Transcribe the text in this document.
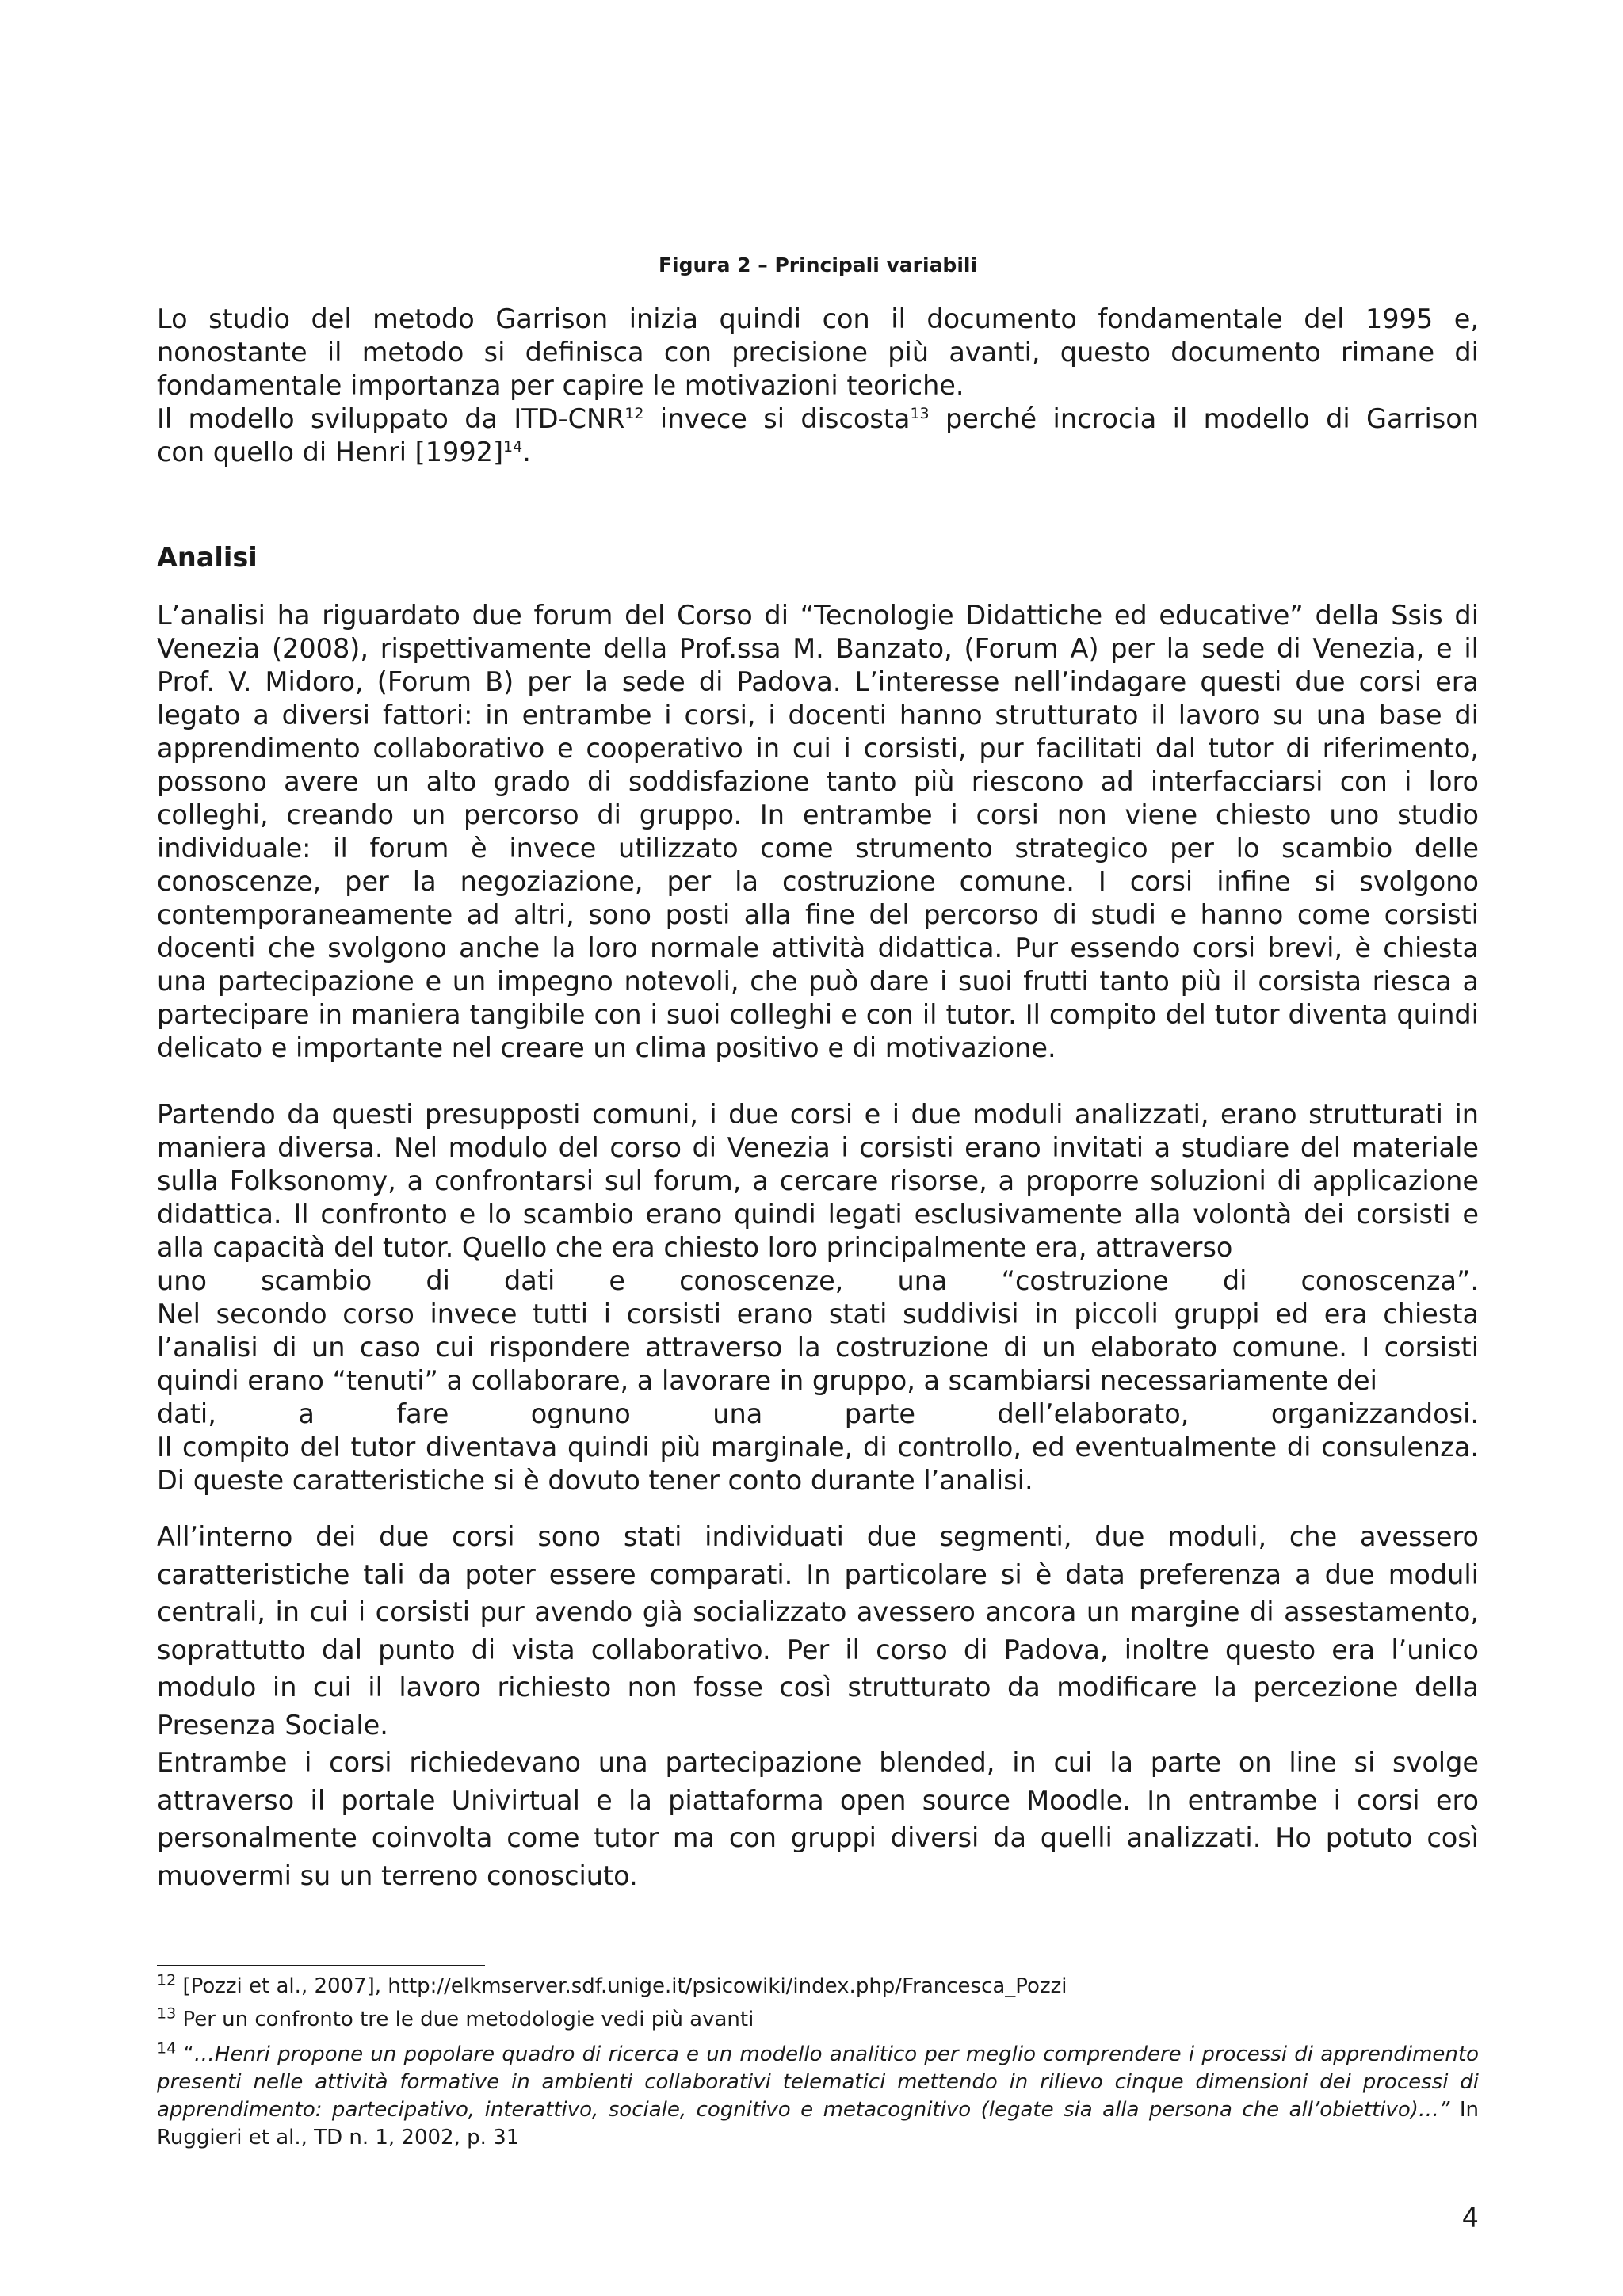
Figura 2 – Principali variabili
Lo studio del metodo Garrison inizia quindi con il documento fondamentale del 1995 e,
nonostante il metodo si definisca con precisione più avanti, questo documento rimane di
fondamentale importanza per capire le motivazioni teoriche.
Il modello sviluppato da ITD-CNR$^{12}$ invece si discosta$^{13}$ perché incrocia il modello di Garrison
con quello di Henri $[1992]^{14}$.
Analisi
L’analisi ha riguardato due forum del Corso di “Tecnologie Didattiche ed educative” della Ssis di Venezia (2008), rispettivamente della Prof.ssa M. Banzato, (Forum A) per la sede di Venezia, e il Prof. V. Midoro, (Forum B) per la sede di Padova. L’interesse nell’indagare questi due corsi era legato a diversi fattori: in entrambe i corsi, i docenti hanno strutturato il lavoro su una base di apprendimento collaborativo e cooperativo in cui i corsisti, pur facilitati dal tutor di riferimento, possono avere un alto grado di soddisfazione tanto più riescono ad interfacciarsi con i loro colleghi, creando un percorso di gruppo. In entrambe i corsi non viene chiesto uno studio individuale: il forum è invece utilizzato come strumento strategico per lo scambio delle conoscenze, per la negoziazione, per la costruzione comune. I corsi infine si svolgono contemporaneamente ad altri, sono posti alla fine del percorso di studi e hanno come corsisti docenti che svolgono anche la loro normale attività didattica. Pur essendo corsi brevi, è chiesta una partecipazione e un impegno notevoli, che può dare i suoi frutti tanto più il corsista riesca a partecipare in maniera tangibile con i suoi colleghi e con il tutor. Il compito del tutor diventa quindi delicato e importante nel creare un clima positivo e di motivazione.
Partendo da questi presupposti comuni, i due corsi e i due moduli analizzati, erano strutturati in maniera diversa. Nel modulo del corso di Venezia i corsisti erano invitati a studiare del materiale sulla Folksonomy, a confrontarsi sul forum, a cercare risorse, a proporre soluzioni di applicazione didattica. Il confronto e lo scambio erano quindi legati esclusivamente alla volontà dei corsisti e alla capacità del tutor. Quello che era chiesto loro principalmente era, attraverso
uno scambio di dati e conoscenze, una “costruzione di conoscenza”.
Nel secondo corso invece tutti i corsisti erano stati suddivisi in piccoli gruppi ed era chiesta l’analisi di un caso cui rispondere attraverso la costruzione di un elaborato comune. I corsisti quindi erano “tenuti” a collaborare, a lavorare in gruppo, a scambiarsi necessariamente dei
dati, a fare ognuno una parte dell’elaborato, organizzandosi.
Il compito del tutor diventava quindi più marginale, di controllo, ed eventualmente di consulenza. Di queste caratteristiche si è dovuto tener conto durante l’analisi.
All’interno dei due corsi sono stati individuati due segmenti, due moduli, che avessero caratteristiche tali da poter essere comparati. In particolare si è data preferenza a due moduli centrali, in cui i corsisti pur avendo già socializzato avessero ancora un margine di assestamento, soprattutto dal punto di vista collaborativo. Per il corso di Padova, inoltre questo era l’unico modulo in cui il lavoro richiesto non fosse così strutturato da modificare la percezione della Presenza Sociale.
Entrambe i corsi richiedevano una partecipazione blended, in cui la parte on line si svolge attraverso il portale Univirtual e la piattaforma open source Moodle. In entrambe i corsi ero personalmente coinvolta come tutor ma con gruppi diversi da quelli analizzati. Ho potuto così muovermi su un terreno conosciuto.
$^{12}$ [Pozzi et al., 2007], http://elkmserver.sdf.unige.it/psicowiki/index.php/Francesca_Pozzi
$^{13}$ Per un confronto tre le due metodologie vedi più avanti
$^{14}$ “…Henri propone un popolare quadro di ricerca e un modello analitico per meglio comprendere i processi di apprendimento presenti nelle attività formative in ambienti collaborativi telematici mettendo in rilievo cinque dimensioni dei processi di apprendimento: partecipativo, interattivo, sociale, cognitivo e metacognitivo (legate sia alla persona che all’obiettivo)…” In Ruggieri et al., TD n. 1, 2002, p. 31
4
